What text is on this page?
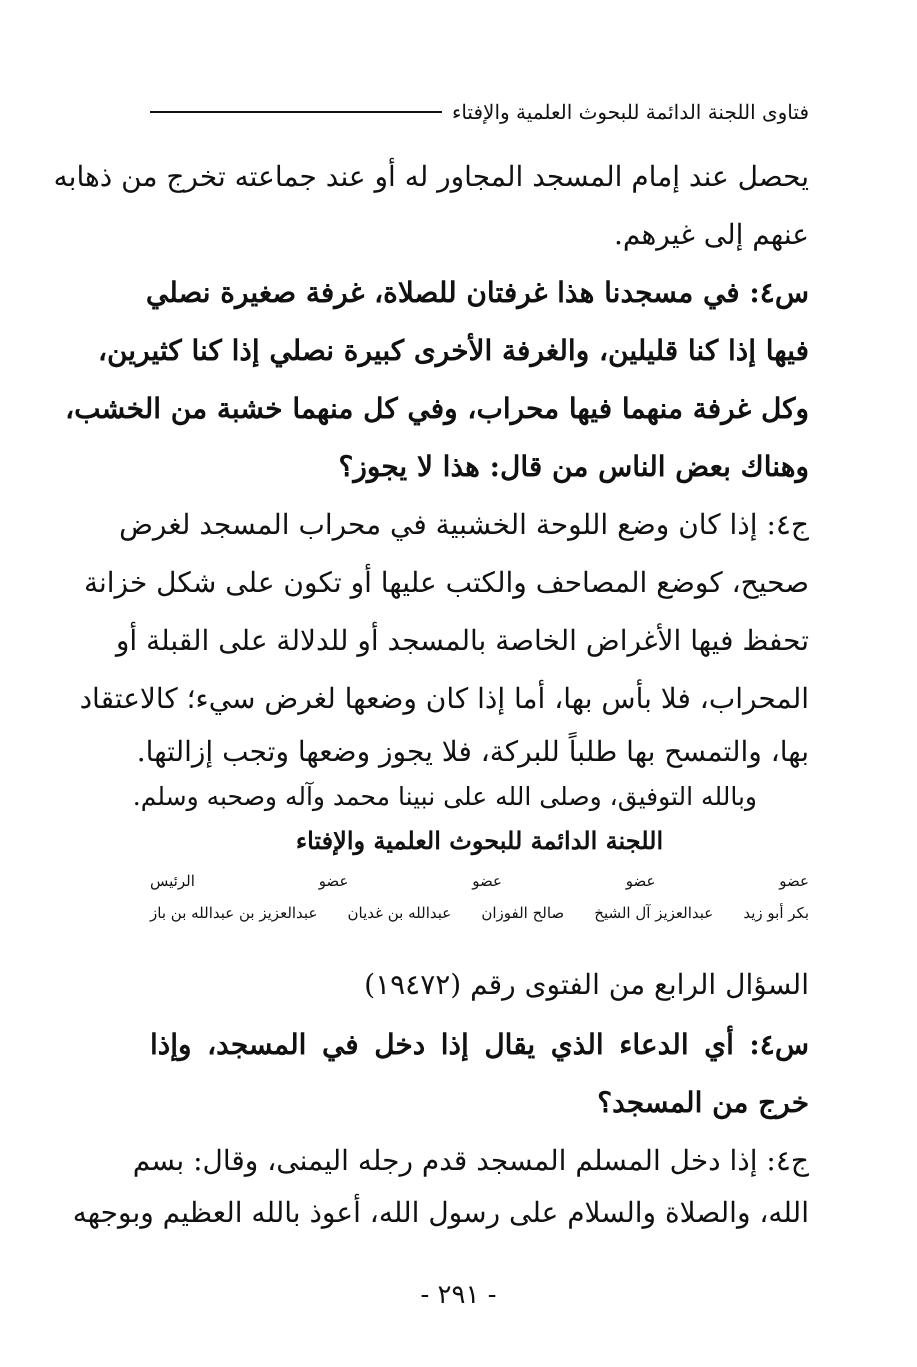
فتاوى اللجنة الدائمة للبحوث العلمية والإفتاء
يحصل عند إمام المسجد المجاور له أو عند جماعته تخرج من ذهابه
عنهم إلى غيرهم.
س٤: في مسجدنا هذا غرفتان للصلاة، غرفة صغيرة نصلي
فيها إذا كنا قليلين، والغرفة الأخرى كبيرة نصلي إذا كنا كثيرين،
وكل غرفة منهما فيها محراب، وفي كل منهما خشبة من الخشب،
وهناك بعض الناس من قال: هذا لا يجوز؟
ج٤: إذا كان وضع اللوحة الخشبية في محراب المسجد لغرض
صحيح، كوضع المصاحف والكتب عليها أو تكون على شكل خزانة
تحفظ فيها الأغراض الخاصة بالمسجد أو للدلالة على القبلة أو
المحراب، فلا بأس بها، أما إذا كان وضعها لغرض سيء؛ كالاعتقاد
بها، والتمسح بها طلباً للبركة، فلا يجوز وضعها وتجب إزالتها.
وبالله التوفيق، وصلى الله على نبينا محمد وآله وصحبه وسلم.
اللجنة الدائمة للبحوث العلمية والإفتاء
عضو
عضو
عضو
عضو
الرئيس
بكر أبو زيد
عبدالعزيز آل الشيخ
صالح الفوزان
عبدالله بن غديان
عبدالعزيز بن عبدالله بن باز
السؤال الرابع من الفتوى رقم (١٩٤٧٢)
س٤: أي الدعاء الذي يقال إذا دخل في المسجد، وإذا
خرج من المسجد؟
ج٤: إذا دخل المسلم المسجد قدم رجله اليمنى، وقال: بسم
الله، والصلاة والسلام على رسول الله، أعوذ بالله العظيم وبوجهه
- ٢٩١ -
